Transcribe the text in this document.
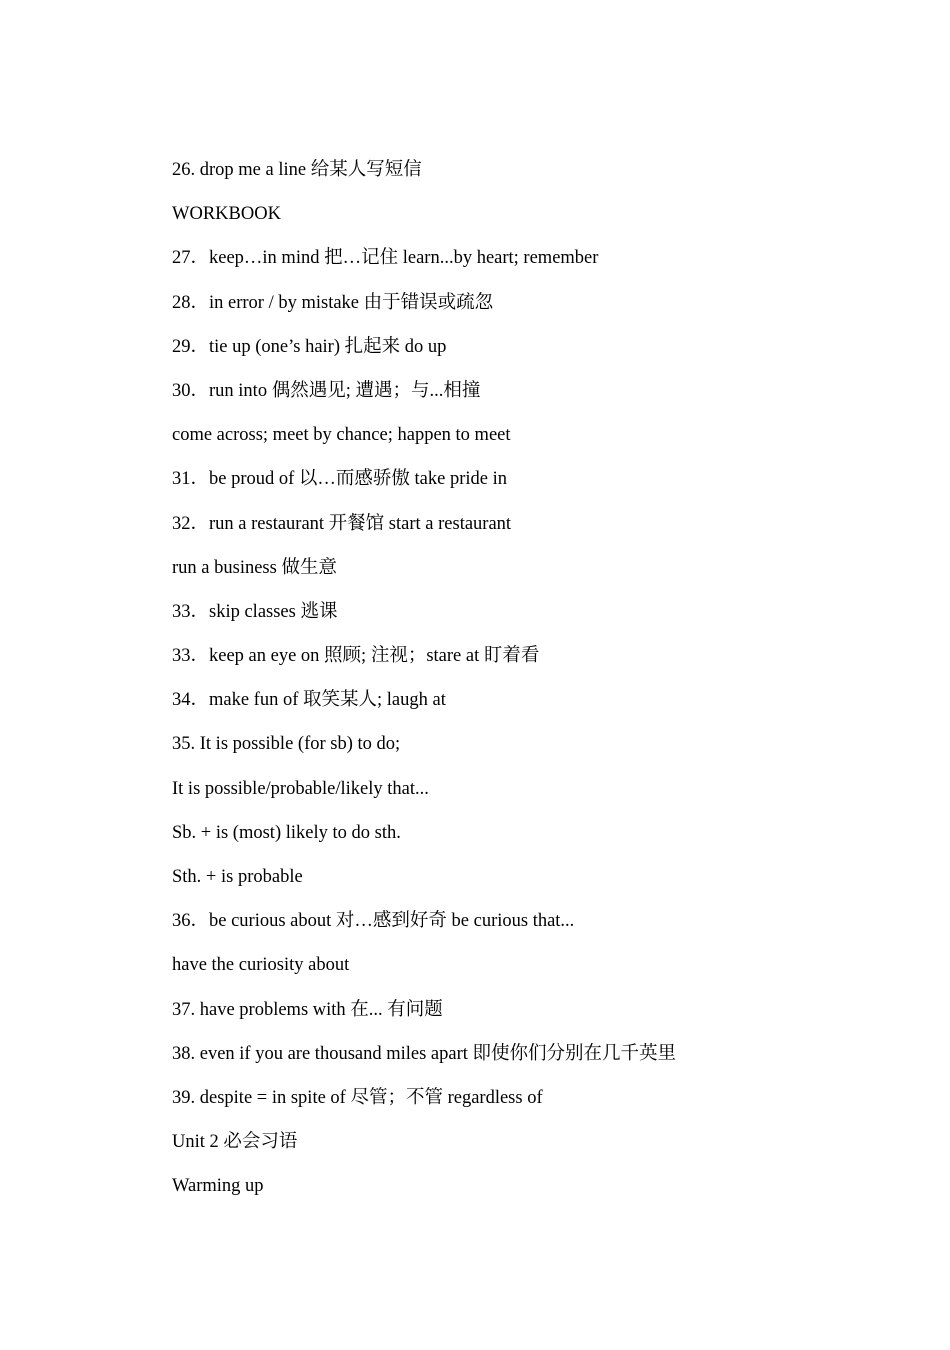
26. drop me a line 给某人写短信
WORKBOOK
27．keep…in mind 把…记住 learn...by heart; remember
28．in error / by mistake 由于错误或疏忽
29．tie up (one’s hair) 扎起来 do up
30．run into 偶然遇见; 遭遇；与...相撞
come across; meet by chance; happen to meet
31．be proud of 以…而感骄傲 take pride in
32．run a restaurant 开餐馆 start a restaurant
run a business 做生意
33．skip classes 逃课
33．keep an eye on 照顾; 注视；stare at 盯着看
34．make fun of 取笑某人; laugh at
35. It is possible (for sb) to do;
It is possible/probable/likely that...
Sb. + is (most) likely to do sth.
Sth. + is probable
36．be curious about 对…感到好奇 be curious that...
have the curiosity about
37. have problems with 在... 有问题
38. even if you are thousand miles apart 即使你们分别在几千英里
39. despite = in spite of 尽管；不管 regardless of
Unit 2 必会习语
Warming up
